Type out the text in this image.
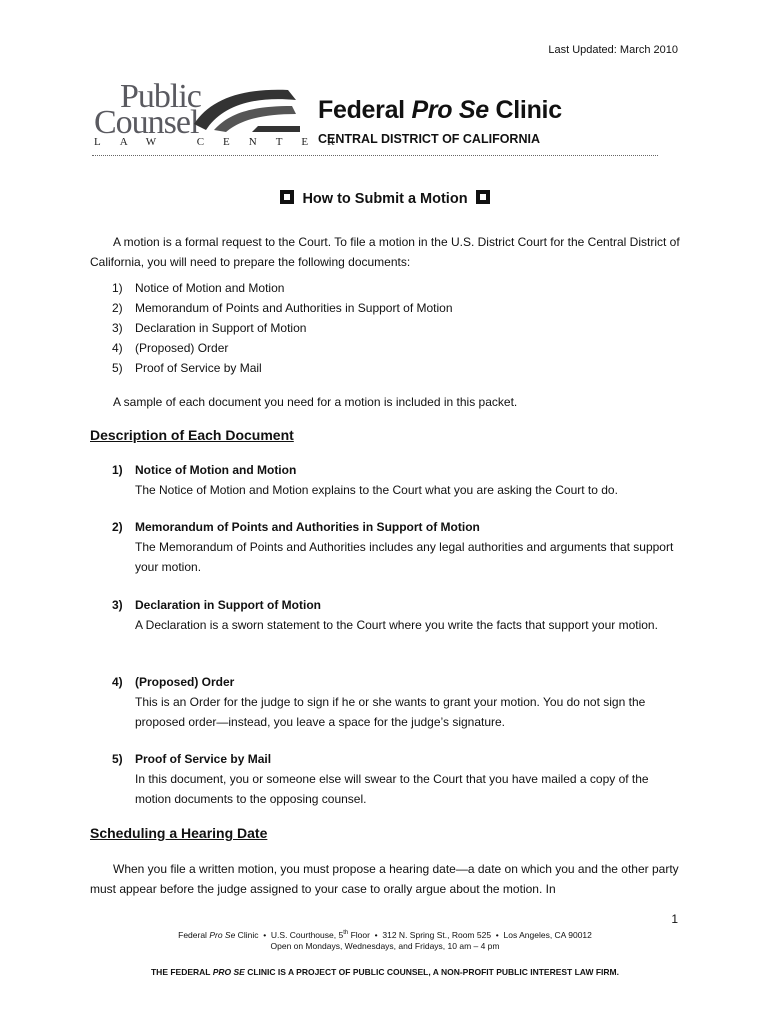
Last Updated: March 2010
Public
Counsel
LAW CENTER
Federal Pro Se Clinic
CENTRAL DISTRICT OF CALIFORNIA
How to Submit a Motion
A motion is a formal request to the Court. To file a motion in the U.S. District Court for the Central District of California, you will need to prepare the following documents:
1) Notice of Motion and Motion
2) Memorandum of Points and Authorities in Support of Motion
3) Declaration in Support of Motion
4) (Proposed) Order
5) Proof of Service by Mail
A sample of each document you need for a motion is included in this packet.
Description of Each Document
1) Notice of Motion and Motion
The Notice of Motion and Motion explains to the Court what you are asking the Court to do.
2) Memorandum of Points and Authorities in Support of Motion
The Memorandum of Points and Authorities includes any legal authorities and arguments that support your motion.
3) Declaration in Support of Motion
A Declaration is a sworn statement to the Court where you write the facts that support your motion.
4) (Proposed) Order
This is an Order for the judge to sign if he or she wants to grant your motion. You do not sign the proposed order—instead, you leave a space for the judge’s signature.
5) Proof of Service by Mail
In this document, you or someone else will swear to the Court that you have mailed a copy of the motion documents to the opposing counsel.
Scheduling a Hearing Date
When you file a written motion, you must propose a hearing date—a date on which you and the other party must appear before the judge assigned to your case to orally argue about the motion. In
1
Federal Pro Se Clinic  •  U.S. Courthouse, 5th Floor  •  312 N. Spring St., Room 525  •  Los Angeles, CA 90012
Open on Mondays, Wednesdays, and Fridays, 10 am – 4 pm
THE FEDERAL PRO SE CLINIC IS A PROJECT OF PUBLIC COUNSEL, A NON-PROFIT PUBLIC INTEREST LAW FIRM.
